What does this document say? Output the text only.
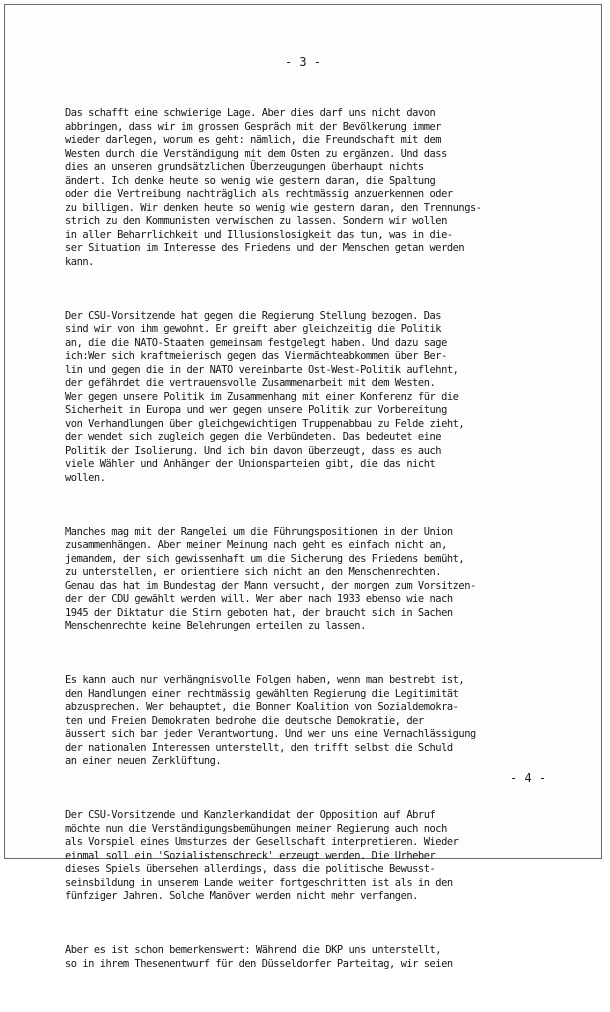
- 3 -

Das schafft eine schwierige Lage. Aber dies darf uns nicht davon
abbringen, dass wir im grossen Gespräch mit der Bevölkerung immer
wieder darlegen, worum es geht: nämlich, die Freundschaft mit dem
Westen durch die Verständigung mit dem Osten zu ergänzen. Und dass
dies an unseren grundsätzlichen Überzeugungen überhaupt nichts
ändert. Ich denke heute so wenig wie gestern daran, die Spaltung
oder die Vertreibung nachträglich als rechtmässig anzuerkennen oder
zu billigen. Wir denken heute so wenig wie gestern daran, den Trennungs-
strich zu den Kommunisten verwischen zu lassen. Sondern wir wollen
in aller Beharrlichkeit und Illusionslosigkeit das tun, was in die-
ser Situation im Interesse des Friedens und der Menschen getan werden
kann.

Der CSU-Vorsitzende hat gegen die Regierung Stellung bezogen. Das
sind wir von ihm gewohnt. Er greift aber gleichzeitig die Politik
an, die die NATO-Staaten gemeinsam festgelegt haben. Und dazu sage
ich:Wer sich kraftmeierisch gegen das Viermächteabkommen über Ber-
lin und gegen die in der NATO vereinbarte Ost-West-Politik auflehnt,
der gefährdet die vertrauensvolle Zusammenarbeit mit dem Westen.
Wer gegen unsere Politik im Zusammenhang mit einer Konferenz für die
Sicherheit in Europa und wer gegen unsere Politik zur Vorbereitung
von Verhandlungen über gleichgewichtigen Truppenabbau zu Felde zieht,
der wendet sich zugleich gegen die Verbündeten. Das bedeutet eine
Politik der Isolierung. Und ich bin davon überzeugt, dass es auch
viele Wähler und Anhänger der Unionsparteien gibt, die das nicht
wollen.

Manches mag mit der Rangelei um die Führungspositionen in der Union
zusammenhängen. Aber meiner Meinung nach geht es einfach nicht an,
jemandem, der sich gewissenhaft um die Sicherung des Friedens bemüht,
zu unterstellen, er orientiere sich nicht an den Menschenrechten.
Genau das hat im Bundestag der Mann versucht, der morgen zum Vorsitzen-
der der CDU gewählt werden will. Wer aber nach 1933 ebenso wie nach
1945 der Diktatur die Stirn geboten hat, der braucht sich in Sachen
Menschenrechte keine Belehrungen erteilen zu lassen.

Es kann auch nur verhängnisvolle Folgen haben, wenn man bestrebt ist,
den Handlungen einer rechtmässig gewählten Regierung die Legitimität
abzusprechen. Wer behauptet, die Bonner Koalition von Sozialdemokra-
ten und Freien Demokraten bedrohe die deutsche Demokratie, der
äussert sich bar jeder Verantwortung. Und wer uns eine Vernachlässigung
der nationalen Interessen unterstellt, den trifft selbst die Schuld
an einer neuen Zerklüftung.

Der CSU-Vorsitzende und Kanzlerkandidat der Opposition auf Abruf
möchte nun die Verständigungsbemühungen meiner Regierung auch noch
als Vorspiel eines Umsturzes der Gesellschaft interpretieren. Wieder
einmal soll ein 'Sozialistenschreck' erzeugt werden. Die Urheber
dieses Spiels übersehen allerdings, dass die politische Bewusst-
seinsbildung in unserem Lande weiter fortgeschritten ist als in den
fünfziger Jahren. Solche Manöver werden nicht mehr verfangen.

Aber es ist schon bemerkenswert: Während die DKP uns unterstellt,
so in ihrem Thesenentwurf für den Düsseldorfer Parteitag, wir seien

- 4 -
